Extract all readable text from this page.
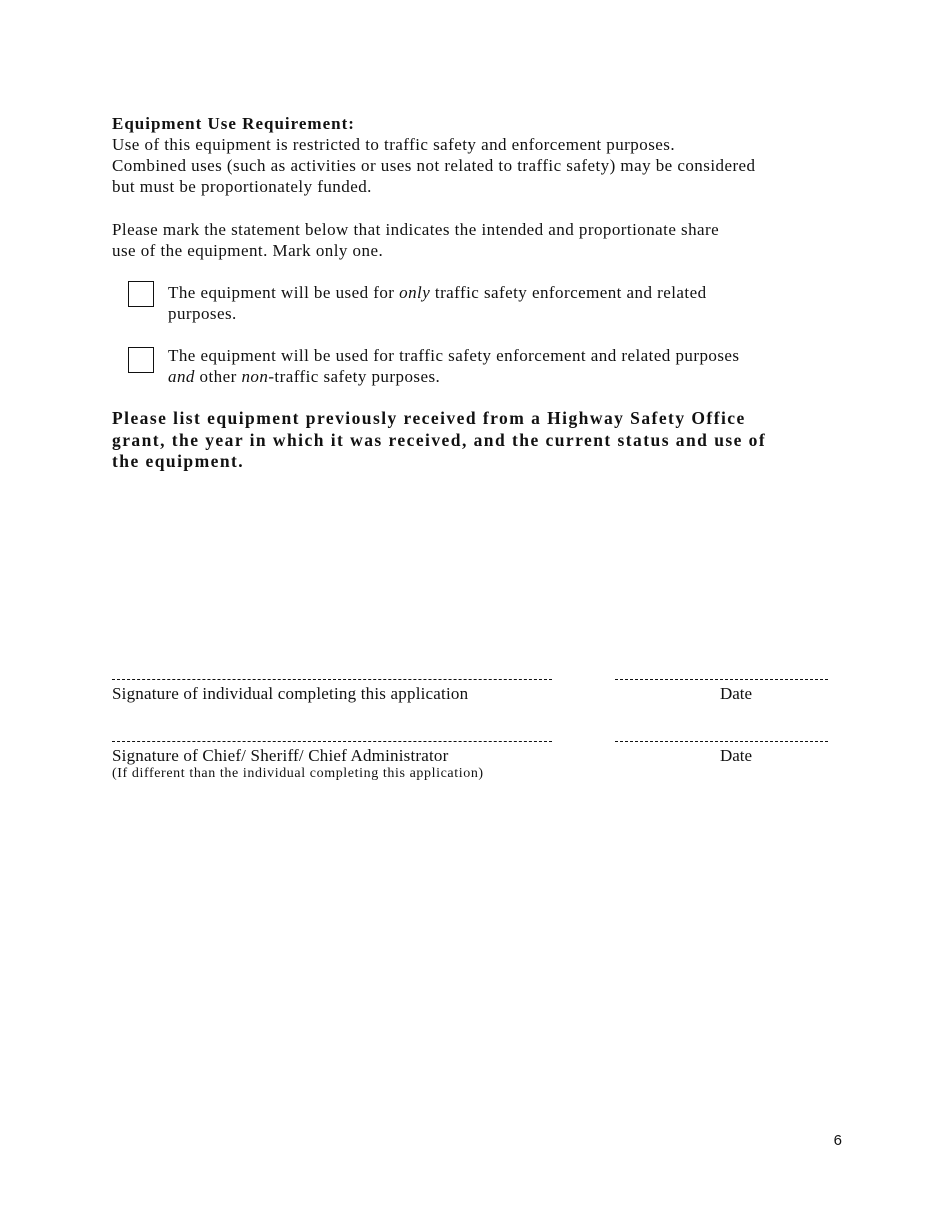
Equipment Use Requirement:
Use of this equipment is restricted to traffic safety and enforcement purposes.
Combined uses (such as activities or uses not related to traffic safety) may be considered
but must be proportionately funded.
Please mark the statement below that indicates the intended and proportionate share
use of the equipment. Mark only one.
The equipment will be used for only traffic safety enforcement and related
purposes.
The equipment will be used for traffic safety enforcement and related purposes
and other non-traffic safety purposes.
Please list equipment previously received from a Highway Safety Office
grant, the year in which it was received, and the current status and use of
the equipment.
Signature of individual completing this application	Date
Signature of Chief/ Sheriff/ Chief Administrator	Date
(If different than the individual completing this application)
6
